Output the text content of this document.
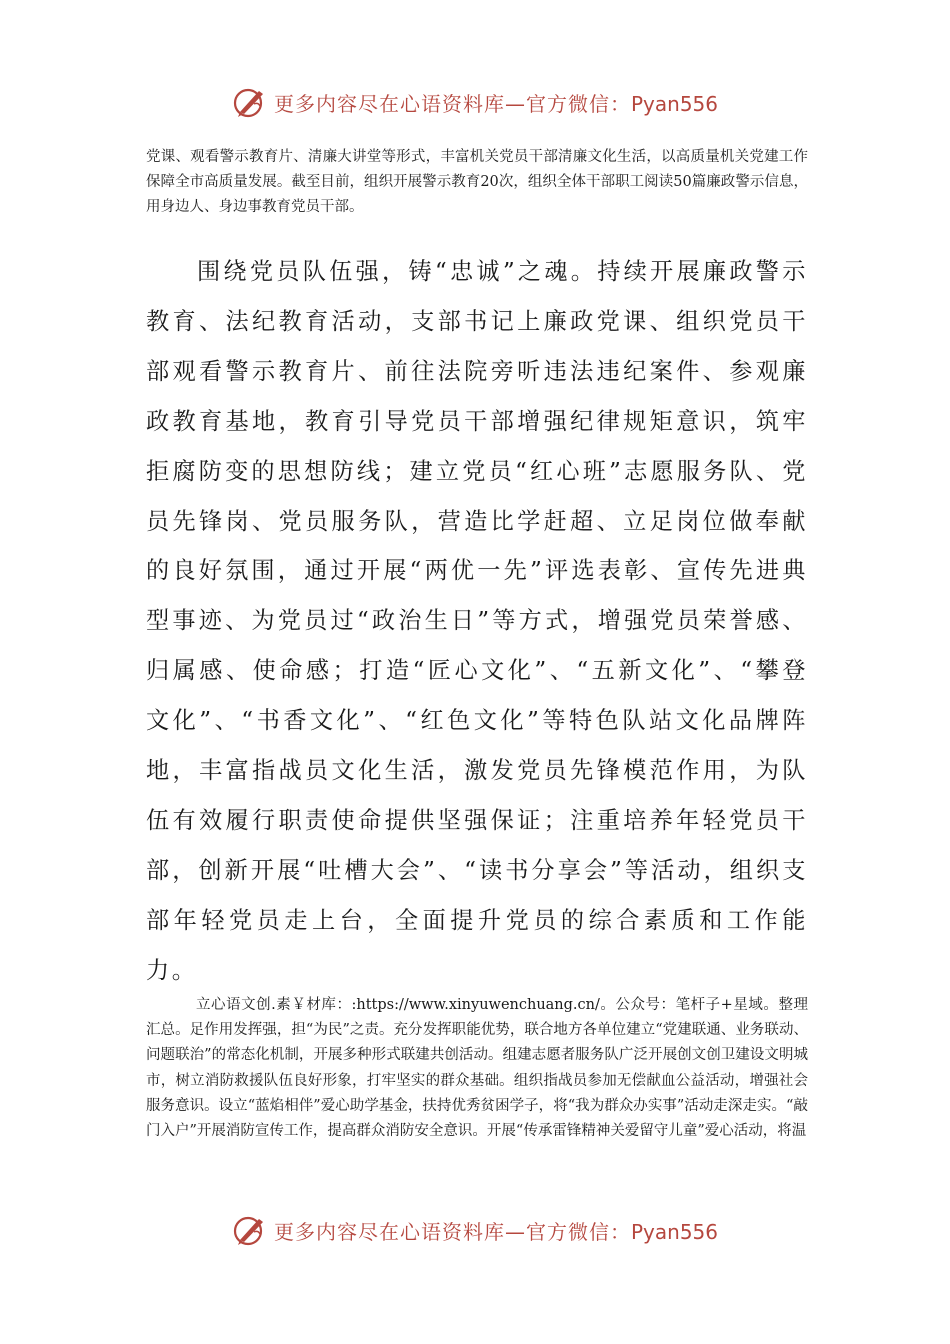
更多内容尽在心语资料库—官方微信：Pyan556

党课、观看警示教育片、清廉大讲堂等形式，丰富机关党员干部清廉文化生活，以高质量机关党建工作保障全市高质量发展。截至目前，组织开展警示教育20次，组织全体干部职工阅读50篇廉政警示信息，用身边人、身边事教育党员干部。

围绕党员队伍强，铸“忠诚”之魂。持续开展廉政警示教育、法纪教育活动，支部书记上廉政党课、组织党员干部观看警示教育片、前往法院旁听违法违纪案件、参观廉政教育基地，教育引导党员干部增强纪律规矩意识，筑牢拒腐防变的思想防线；建立党员“红心班”志愿服务队、党员先锋岗、党员服务队，营造比学赶超、立足岗位做奉献的良好氛围，通过开展“两优一先”评选表彰、宣传先进典型事迹、为党员过“政治生日”等方式，增强党员荣誉感、归属感、使命感；打造“匠心文化”、“五新文化”、“攀登文化”、“书香文化”、“红色文化”等特色队站文化品牌阵地，丰富指战员文化生活，激发党员先锋模范作用，为队伍有效履行职责使命提供坚强保证；注重培养年轻党员干部，创新开展“吐槽大会”、“读书分享会”等活动，组织支部年轻党员走上台，全面提升党员的综合素质和工作能力。

立心语文创.素￥材库：:https://www.xinyuwenchuang.cn/。公众号：笔杆子+星域。整理汇总。足作用发挥强，担“为民”之责。充分发挥职能优势，联合地方各单位建立“党建联通、业务联动、问题联治”的常态化机制，开展多种形式联建共创活动。组建志愿者服务队广泛开展创文创卫建设文明城市，树立消防救援队伍良好形象，打牢坚实的群众基础。组织指战员参加无偿献血公益活动，增强社会服务意识。设立“蓝焰相伴”爱心助学基金，扶持优秀贫困学子，将“我为群众办实事”活动走深走实。“敲门入户”开展消防宣传工作，提高群众消防安全意识。开展“传承雷锋精神关爱留守儿童”爱心活动，将温

更多内容尽在心语资料库—官方微信：Pyan556
